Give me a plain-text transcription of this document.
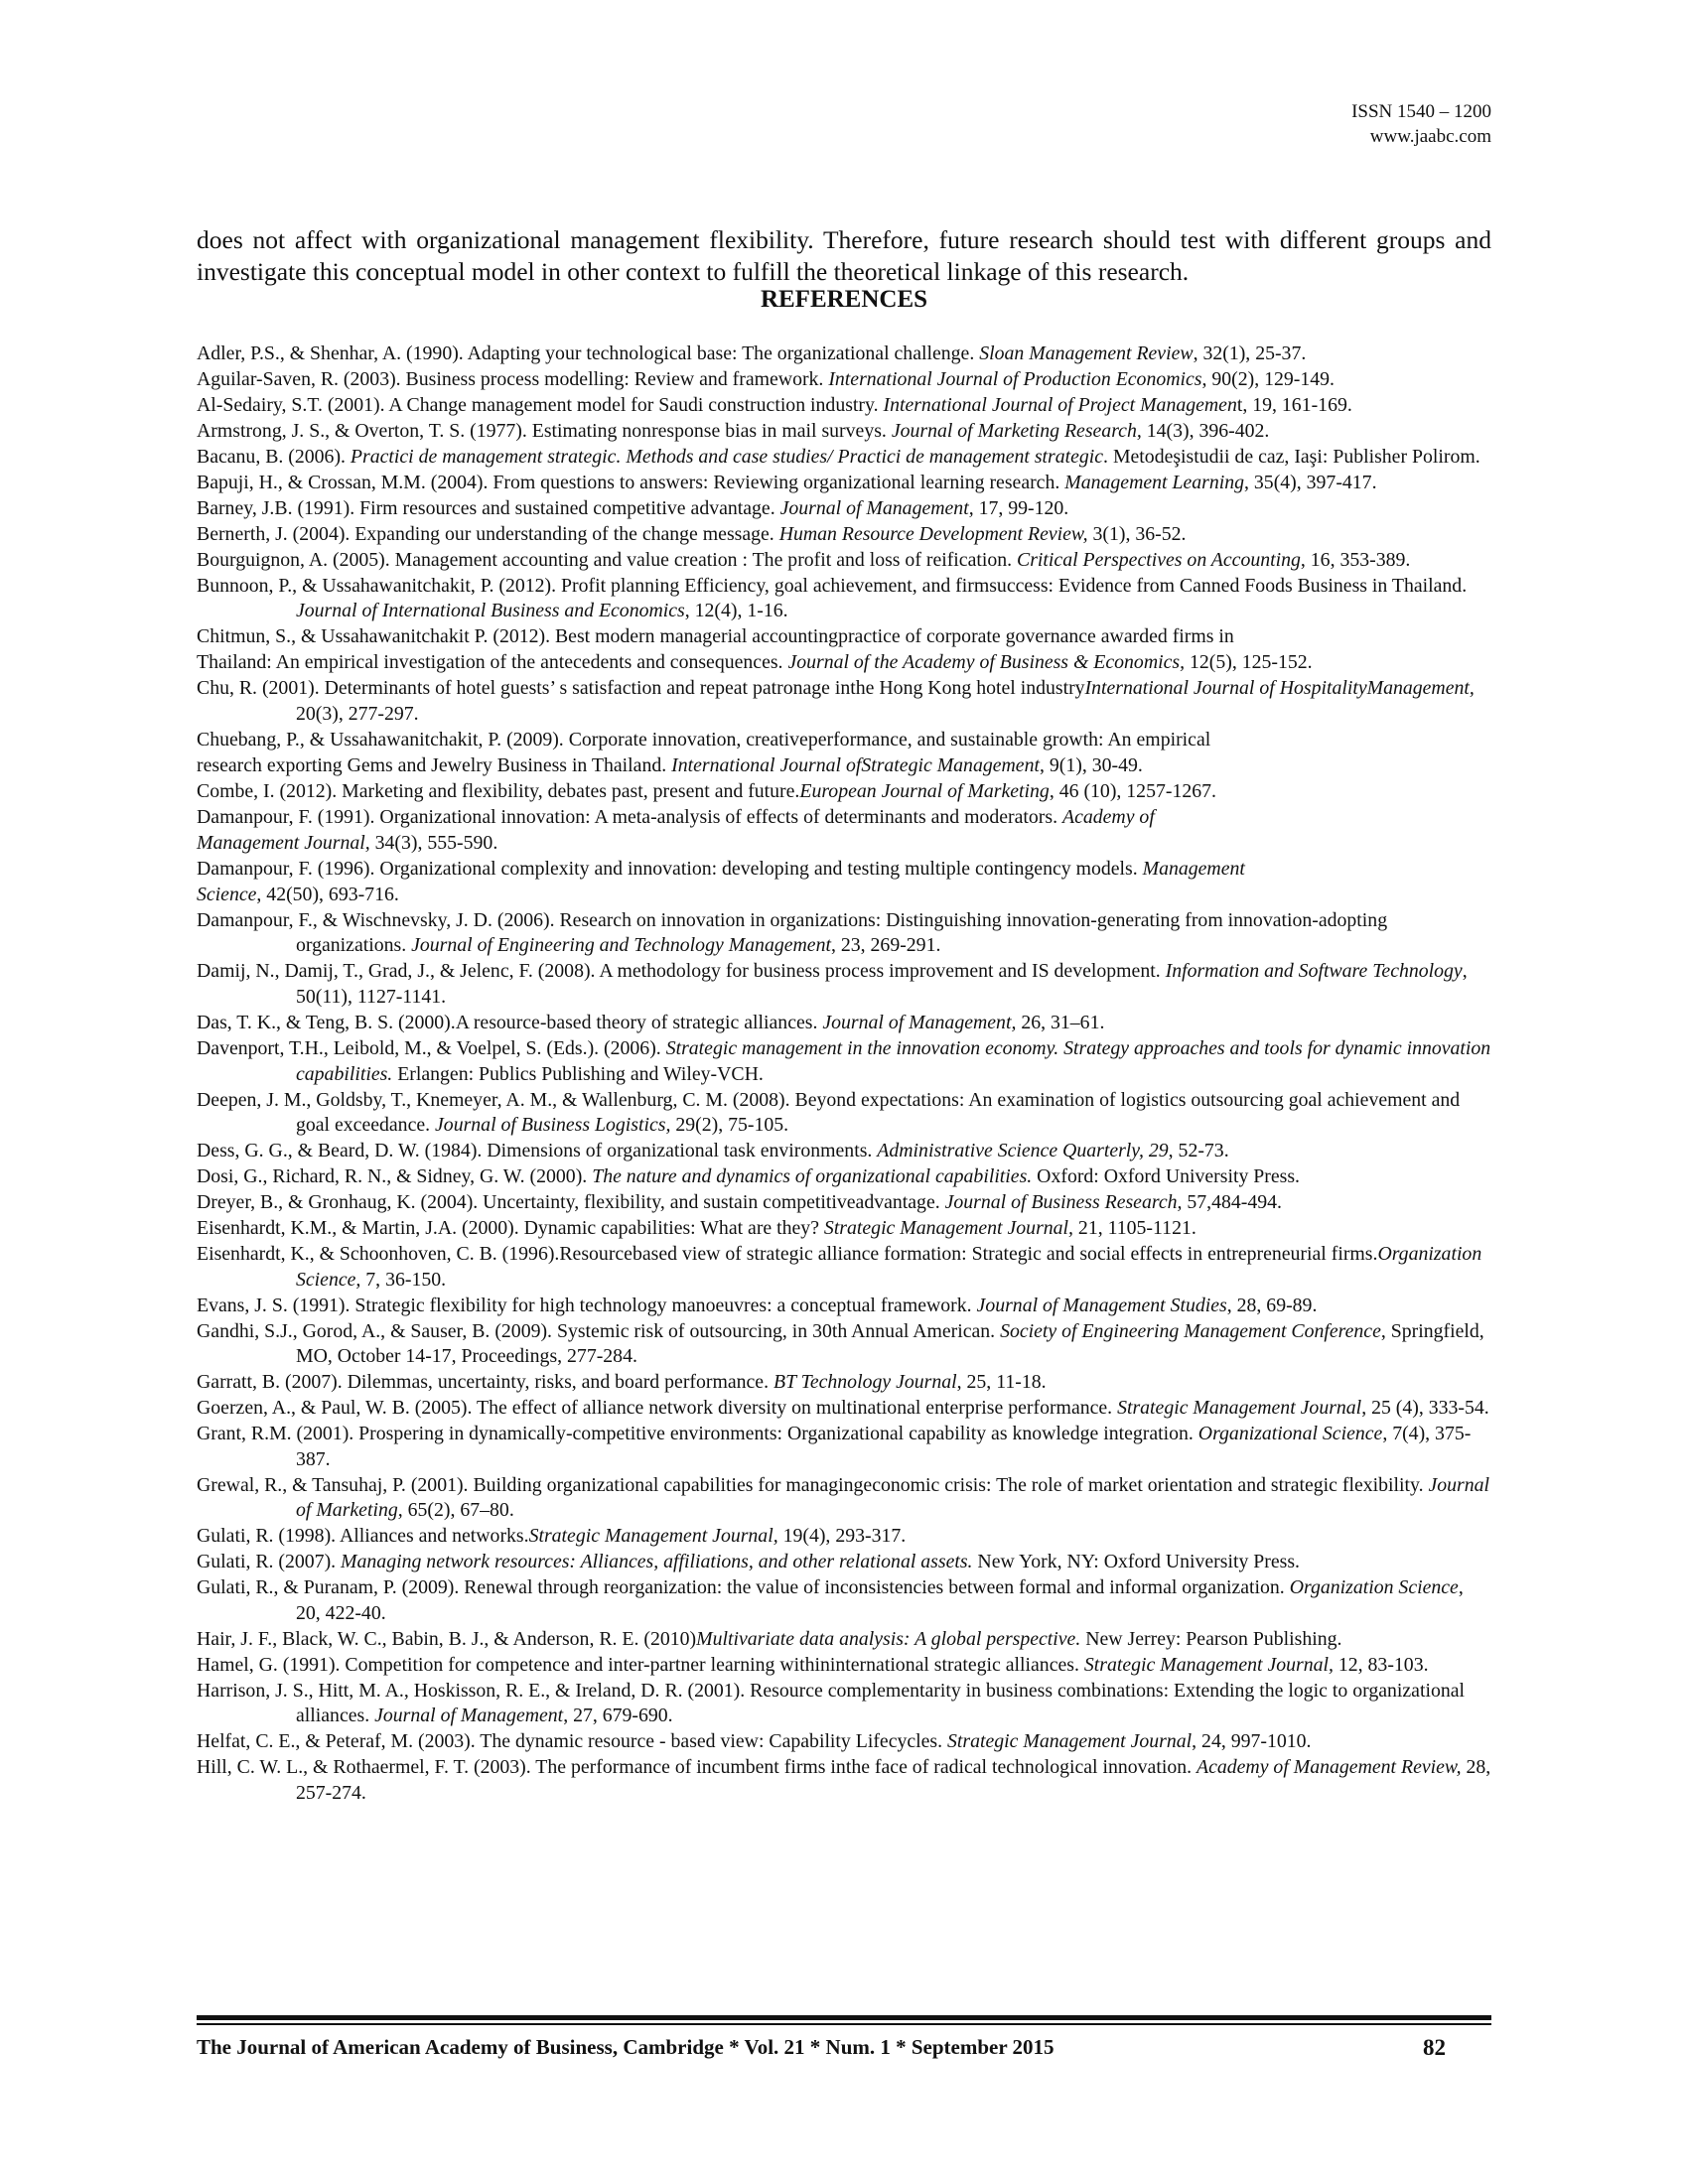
ISSN 1540 – 1200
www.jaabc.com

does not affect with organizational management flexibility. Therefore, future research should test with different groups and investigate this conceptual model in other context to fulfill the theoretical linkage of this research.

REFERENCES

Adler, P.S., & Shenhar, A. (1990). Adapting your technological base: The organizational challenge. Sloan Management Review, 32(1), 25-37.

Aguilar-Saven, R. (2003). Business process modelling: Review and framework. International Journal of Production Economics, 90(2), 129-149.

Al-Sedairy, S.T. (2001). A Change management model for Saudi construction industry. International Journal of Project Management, 19, 161-169.

Armstrong, J. S., & Overton, T. S. (1977). Estimating nonresponse bias in mail surveys. Journal of Marketing Research, 14(3), 396-402.

Bacanu, B. (2006). Practici de management strategic. Methods and case studies/ Practici de management strategic. Metodeşistudii de caz, Iaşi: Publisher Polirom.

Bapuji, H., & Crossan, M.M. (2004). From questions to answers: Reviewing organizational learning research. Management Learning, 35(4), 397-417.

Barney, J.B. (1991). Firm resources and sustained competitive advantage. Journal of Management, 17, 99-120.

Bernerth, J. (2004). Expanding our understanding of the change message. Human Resource Development Review, 3(1), 36-52.

Bourguignon, A. (2005). Management accounting and value creation : The profit and loss of reification. Critical Perspectives on Accounting, 16, 353-389.

Bunnoon, P., & Ussahawanitchakit, P. (2012). Profit planning Efficiency, goal achievement, and firmsuccess: Evidence from Canned Foods Business in Thailand. Journal of International Business and Economics, 12(4), 1-16.

Chitmun, S., & Ussahawanitchakit P. (2012). Best modern managerial accountingpractice of corporate governance awarded firms in

Thailand: An empirical investigation of the antecedents and consequences. Journal of the Academy of Business & Economics, 12(5), 125-152.

Chu, R. (2001). Determinants of hotel guests’ s satisfaction and repeat patronage inthe Hong Kong hotel industryInternational Journal of HospitalityManagement, 20(3), 277-297.

Chuebang, P., & Ussahawanitchakit, P. (2009). Corporate innovation, creativeperformance, and sustainable growth: An empirical

research exporting Gems and Jewelry Business in Thailand. International Journal ofStrategic Management, 9(1), 30-49.

Combe, I. (2012). Marketing and flexibility, debates past, present and future.European Journal of Marketing, 46 (10), 1257-1267.

Damanpour, F. (1991). Organizational innovation: A meta-analysis of effects of determinants and moderators. Academy of

Management Journal, 34(3), 555-590.

Damanpour, F. (1996). Organizational complexity and innovation: developing and testing multiple contingency models. Management

Science, 42(50), 693-716.

Damanpour, F., & Wischnevsky, J. D. (2006). Research on innovation in organizations: Distinguishing innovation-generating from innovation-adopting organizations. Journal of Engineering and Technology Management, 23, 269-291.

Damij, N., Damij, T., Grad, J., & Jelenc, F. (2008). A methodology for business process improvement and IS development. Information and Software Technology, 50(11), 1127-1141.

Das, T. K., & Teng, B. S. (2000).A resource-based theory of strategic alliances. Journal of Management, 26, 31–61.

Davenport, T.H., Leibold, M., & Voelpel, S. (Eds.). (2006). Strategic management in the innovation economy. Strategy approaches and tools for dynamic innovation capabilities. Erlangen: Publics Publishing and Wiley-VCH.

Deepen, J. M., Goldsby, T., Knemeyer, A. M., & Wallenburg, C. M. (2008). Beyond expectations: An examination of logistics outsourcing goal achievement and goal exceedance. Journal of Business Logistics, 29(2), 75-105.

Dess, G. G., & Beard, D. W. (1984). Dimensions of organizational task environments. Administrative Science Quarterly, 29, 52-73.

Dosi, G., Richard, R. N., & Sidney, G. W. (2000). The nature and dynamics of organizational capabilities. Oxford: Oxford University Press.

Dreyer, B., & Gronhaug, K. (2004). Uncertainty, flexibility, and sustain competitiveadvantage. Journal of Business Research, 57,484-494.

Eisenhardt, K.M., & Martin, J.A. (2000). Dynamic capabilities: What are they? Strategic Management Journal, 21, 1105-1121.

Eisenhardt, K., & Schoonhoven, C. B. (1996).Resourcebased view of strategic alliance formation: Strategic and social effects in entrepreneurial firms.Organization Science, 7, 36-150.

Evans, J. S. (1991). Strategic flexibility for high technology manoeuvres: a conceptual framework. Journal of Management Studies, 28, 69-89.

Gandhi, S.J., Gorod, A., & Sauser, B. (2009). Systemic risk of outsourcing, in 30th Annual American. Society of Engineering Management Conference, Springfield, MO, October 14-17, Proceedings, 277-284.

Garratt, B. (2007). Dilemmas, uncertainty, risks, and board performance. BT Technology Journal, 25, 11-18.

Goerzen, A., & Paul, W. B. (2005). The effect of alliance network diversity on multinational enterprise performance. Strategic Management Journal, 25 (4), 333-54.

Grant, R.M. (2001). Prospering in dynamically-competitive environments: Organizational capability as knowledge integration. Organizational Science, 7(4), 375-387.

Grewal, R., & Tansuhaj, P. (2001). Building organizational capabilities for managingeconomic crisis: The role of market orientation and strategic flexibility. Journal of Marketing, 65(2), 67–80.

Gulati, R. (1998). Alliances and networks.Strategic Management Journal, 19(4), 293-317.

Gulati, R. (2007). Managing network resources: Alliances, affiliations, and other relational assets. New York, NY: Oxford University Press.

Gulati, R., & Puranam, P. (2009). Renewal through reorganization: the value of inconsistencies between formal and informal organization. Organization Science, 20, 422-40.

Hair, J. F., Black, W. C., Babin, B. J., & Anderson, R. E. (2010)Multivariate data analysis: A global perspective. New Jerrey: Pearson Publishing.

Hamel, G. (1991). Competition for competence and inter-partner learning withininternational strategic alliances. Strategic Management Journal, 12, 83-103.

Harrison, J. S., Hitt, M. A., Hoskisson, R. E., & Ireland, D. R. (2001). Resource complementarity in business combinations: Extending the logic to organizational alliances. Journal of Management, 27, 679-690.

Helfat, C. E., & Peteraf, M. (2003). The dynamic resource - based view: Capability Lifecycles. Strategic Management Journal, 24, 997-1010.

Hill, C. W. L., & Rothaermel, F. T. (2003). The performance of incumbent firms inthe face of radical technological innovation. Academy of Management Review, 28, 257-274.

The Journal of American Academy of Business, Cambridge * Vol. 21 * Num. 1 * September 2015	82
